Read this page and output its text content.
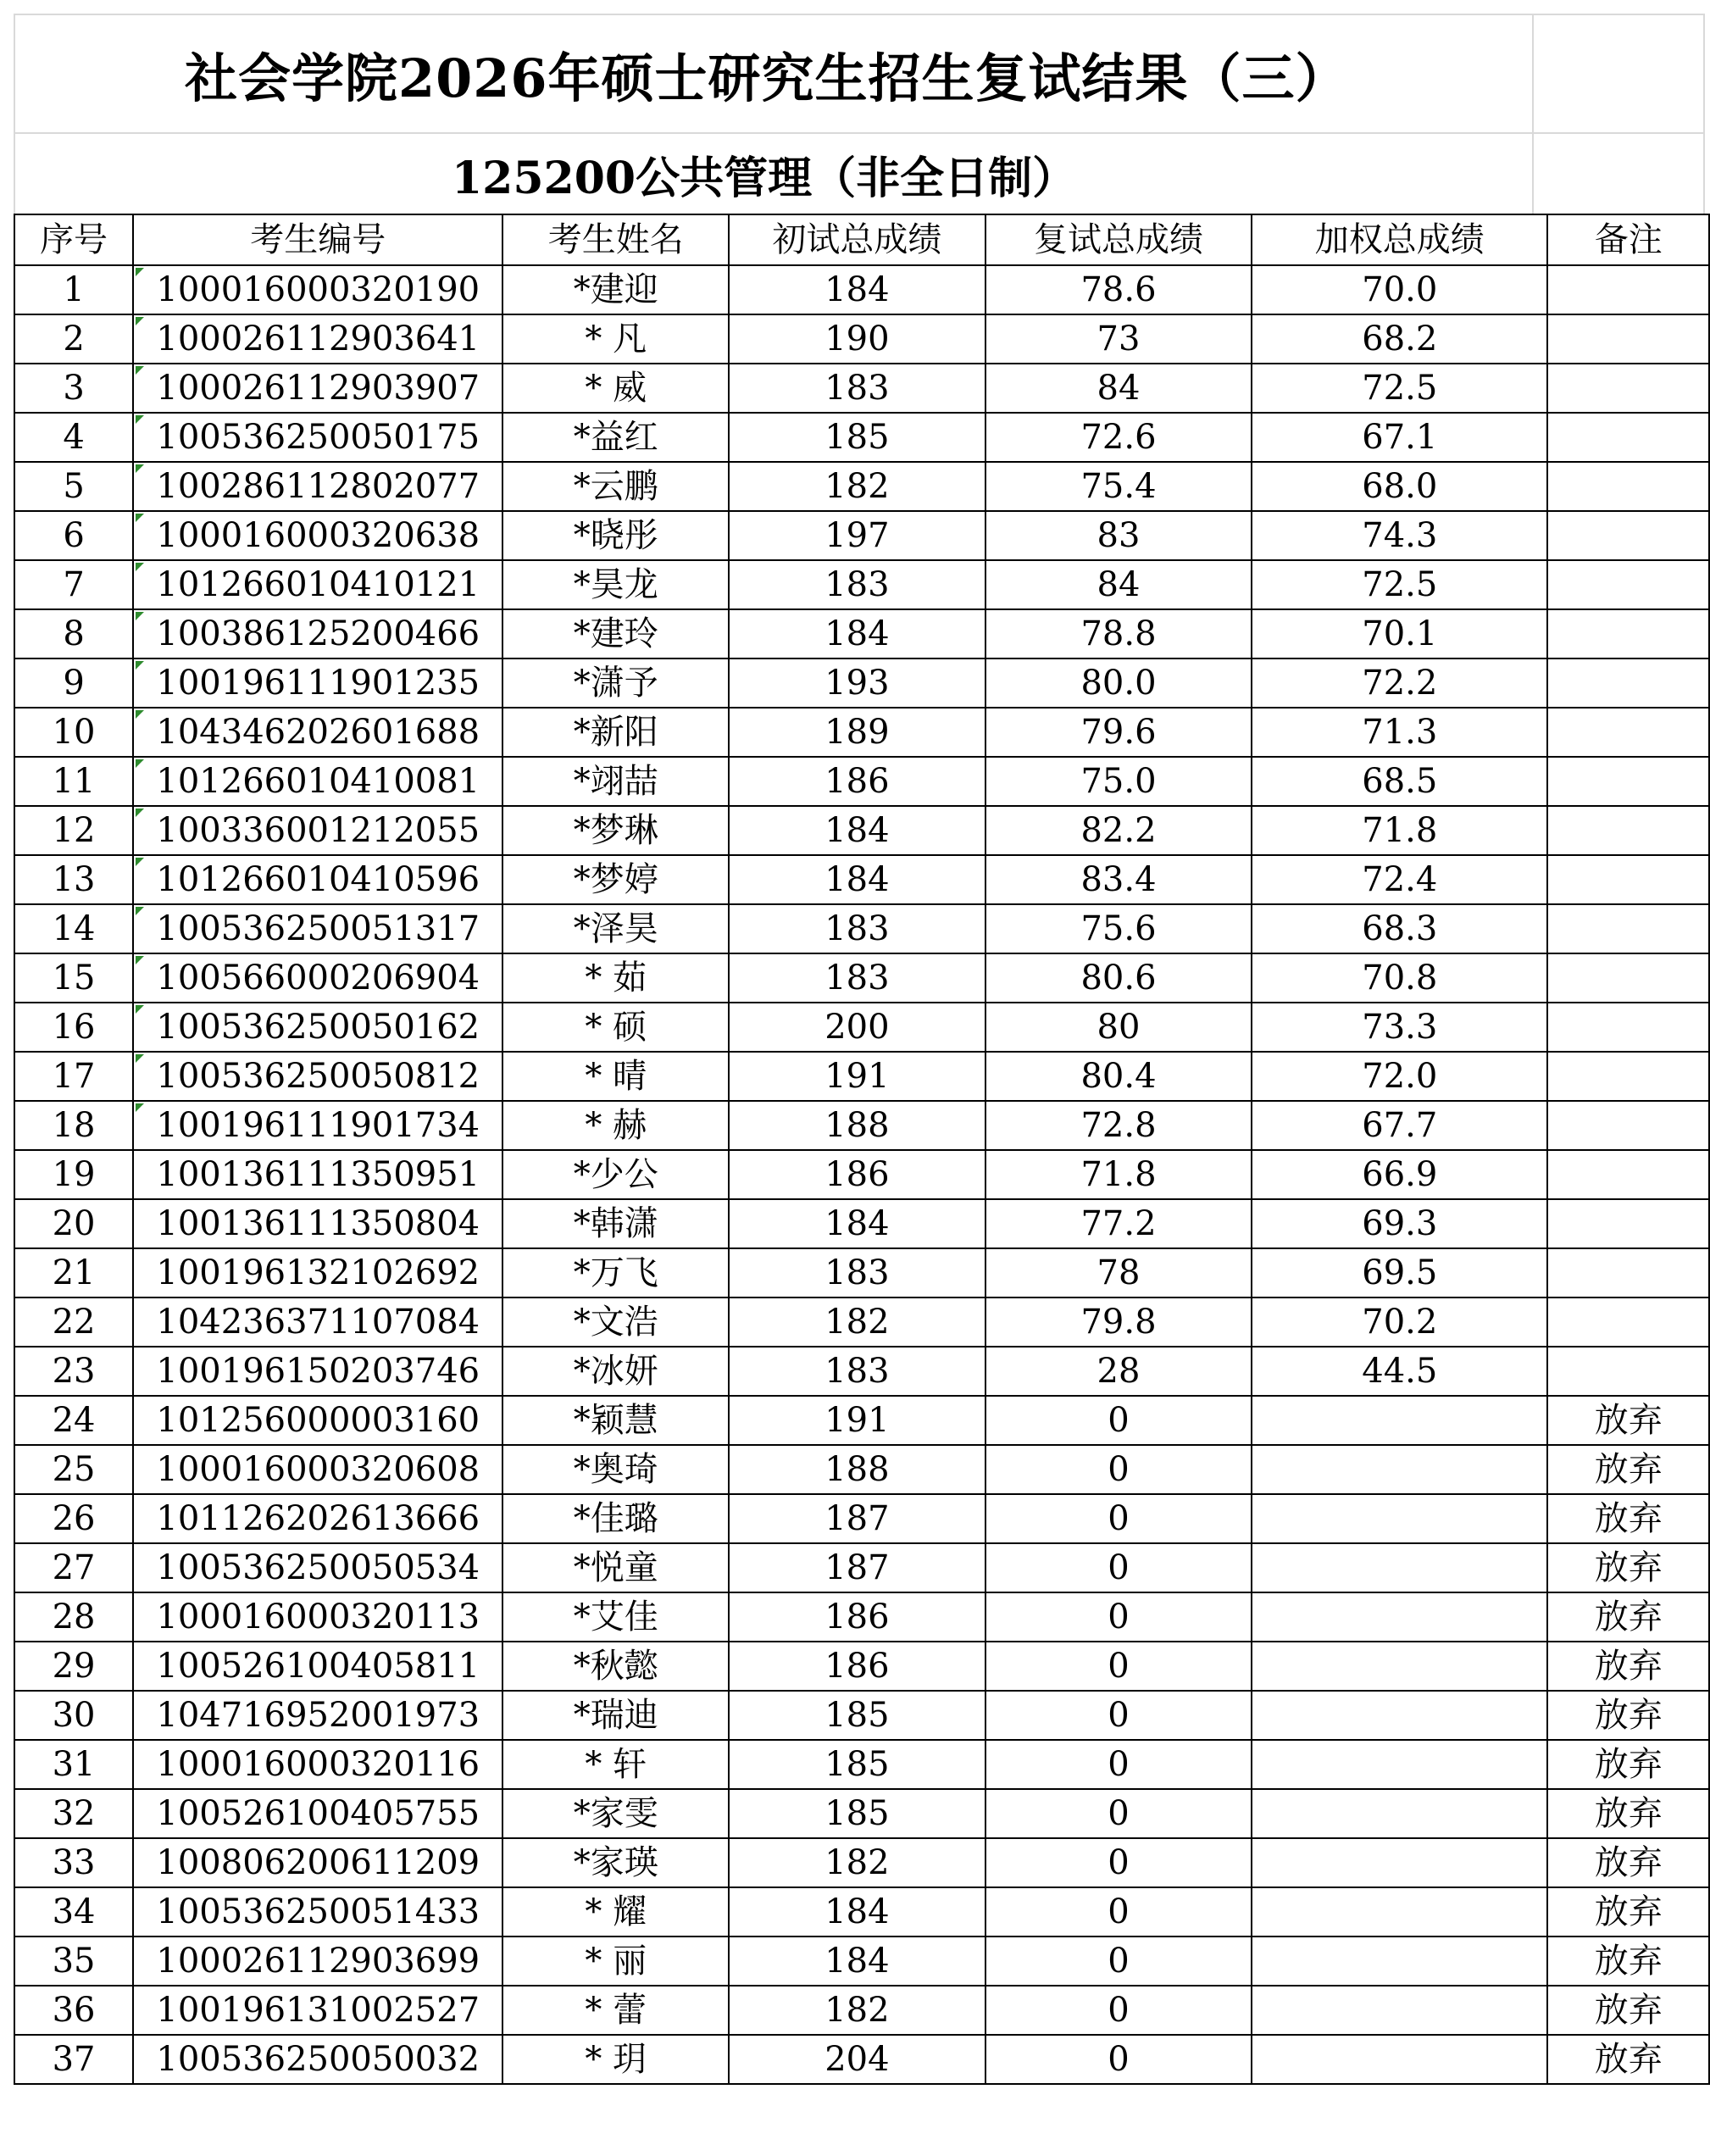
社会学院2026年硕士研究生招生复试结果（三）
125200公共管理（非全日制）
序号	考生编号	考生姓名	初试总成绩	复试总成绩	加权总成绩	备注
1	100016000320190	*建迎	184	78.6	70.0	
2	100026112903641	* 凡	190	73	68.2	
3	100026112903907	* 威	183	84	72.5	
4	100536250050175	*益红	185	72.6	67.1	
5	100286112802077	*云鹏	182	75.4	68.0	
6	100016000320638	*晓彤	197	83	74.3	
7	101266010410121	*昊龙	183	84	72.5	
8	100386125200466	*建玲	184	78.8	70.1	
9	100196111901235	*潇予	193	80.0	72.2	
10	104346202601688	*新阳	189	79.6	71.3	
11	101266010410081	*翊喆	186	75.0	68.5	
12	100336001212055	*梦琳	184	82.2	71.8	
13	101266010410596	*梦婷	184	83.4	72.4	
14	100536250051317	*泽昊	183	75.6	68.3	
15	100566000206904	* 茹	183	80.6	70.8	
16	100536250050162	* 硕	200	80	73.3	
17	100536250050812	* 晴	191	80.4	72.0	
18	100196111901734	* 赫	188	72.8	67.7	
19	100136111350951	*少公	186	71.8	66.9	
20	100136111350804	*韩潇	184	77.2	69.3	
21	100196132102692	*万飞	183	78	69.5	
22	104236371107084	*文浩	182	79.8	70.2	
23	100196150203746	*冰妍	183	28	44.5	
24	101256000003160	*颖慧	191	0		放弃
25	100016000320608	*奥琦	188	0		放弃
26	101126202613666	*佳璐	187	0		放弃
27	100536250050534	*悦童	187	0		放弃
28	100016000320113	*艾佳	186	0		放弃
29	100526100405811	*秋懿	186	0		放弃
30	104716952001973	*瑞迪	185	0		放弃
31	100016000320116	* 轩	185	0		放弃
32	100526100405755	*家雯	185	0		放弃
33	100806200611209	*家瑛	182	0		放弃
34	100536250051433	* 耀	184	0		放弃
35	100026112903699	* 丽	184	0		放弃
36	100196131002527	* 蕾	182	0		放弃
37	100536250050032	* 玥	204	0		放弃
